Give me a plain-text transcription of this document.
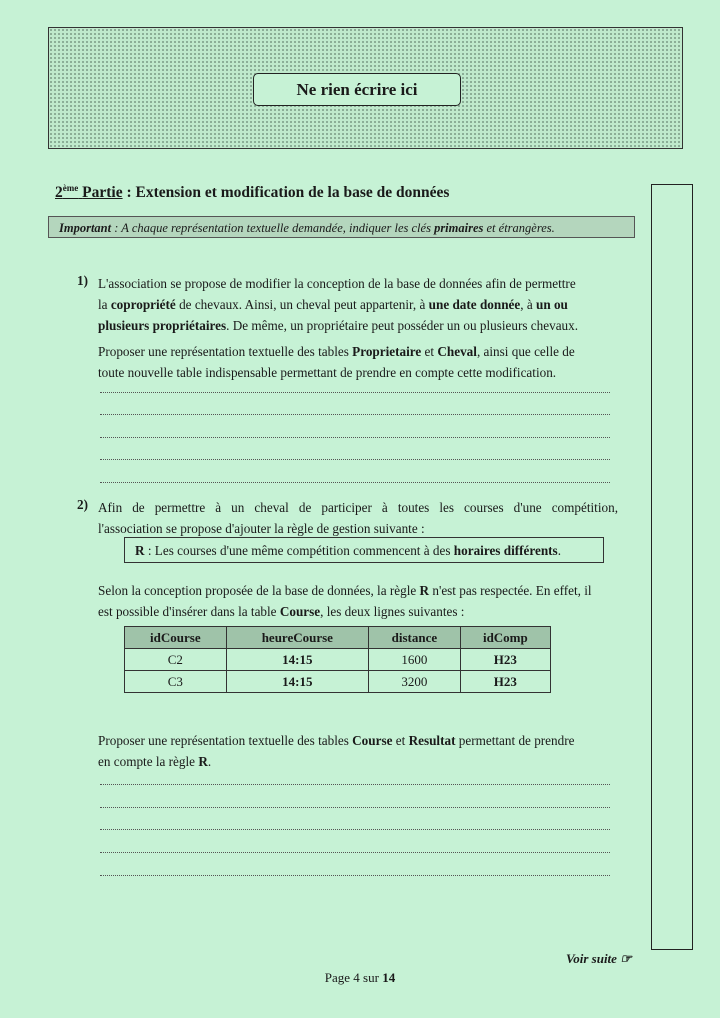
Ne rien écrire ici
2ème Partie : Extension et modification de la base de données
Important : A chaque représentation textuelle demandée, indiquer les clés primaires et étrangères.
1) L'association se propose de modifier la conception de la base de données afin de permettre
la copropriété de chevaux. Ainsi, un cheval peut appartenir, à une date donnée, à un ou
plusieurs propriétaires. De même, un propriétaire peut posséder un ou plusieurs chevaux.
Proposer une représentation textuelle des tables Proprietaire et Cheval, ainsi que celle de
toute nouvelle table indispensable permettant de prendre en compte cette modification.
2) Afin de permettre à un cheval de participer à toutes les courses d'une compétition,
l'association se propose d'ajouter la règle de gestion suivante :
R : Les courses d'une même compétition commencent à des horaires différents.
Selon la conception proposée de la base de données, la règle R n'est pas respectée. En effet, il
est possible d'insérer dans la table Course, les deux lignes suivantes :
idCourse	heureCourse	distance	idComp
C2	14:15	1600	H23
C3	14:15	3200	H23
Proposer une représentation textuelle des tables Course et Resultat permettant de prendre
en compte la règle R.
Voir suite ☞
Page 4 sur 14
